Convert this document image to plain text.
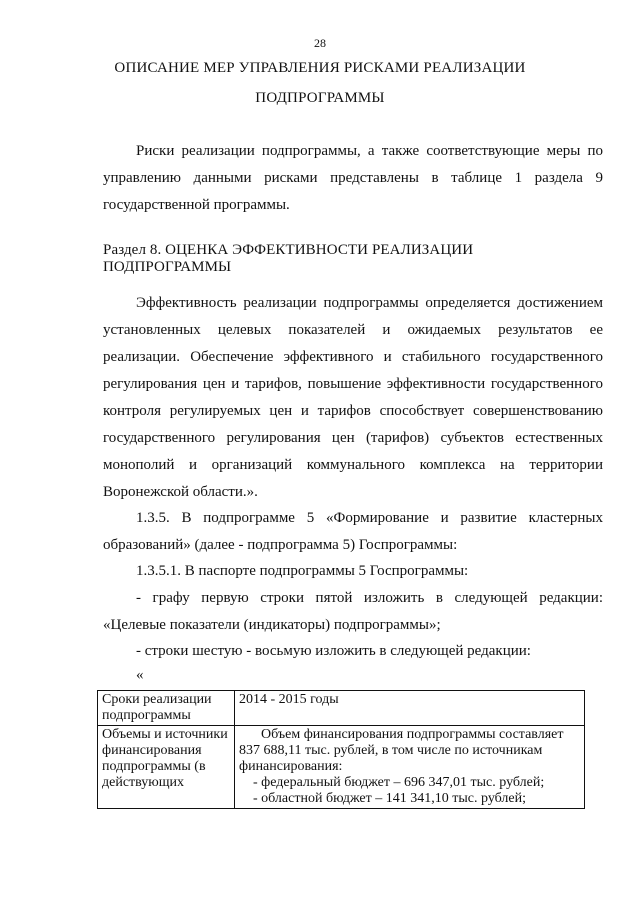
28
ОПИСАНИЕ МЕР УПРАВЛЕНИЯ РИСКАМИ РЕАЛИЗАЦИИ
ПОДПРОГРАММЫ

Риски реализации подпрограммы, а также соответствующие меры по управлению данными рисками представлены в таблице 1 раздела 9 государственной программы.

Раздел 8. ОЦЕНКА ЭФФЕКТИВНОСТИ РЕАЛИЗАЦИИ ПОДПРОГРАММЫ

Эффективность реализации подпрограммы определяется достижением установленных целевых показателей и ожидаемых результатов ее реализации. Обеспечение эффективного и стабильного государственного регулирования цен и тарифов, повышение эффективности государственного контроля регулируемых цен и тарифов способствует совершенствованию государственного регулирования цен (тарифов) субъектов естественных монополий и организаций коммунального комплекса на территории Воронежской области.».

1.3.5. В подпрограмме 5 «Формирование и развитие кластерных образований» (далее - подпрограмма 5) Госпрограммы:

1.3.5.1. В паспорте подпрограммы 5 Госпрограммы:

- графу первую строки пятой изложить в следующей редакции: «Целевые показатели (индикаторы) подпрограммы»;

- строки шестую - восьмую изложить в следующей редакции:

«
Сроки реализации подпрограммы	2014 - 2015 годы
Объемы и источники финансирования подпрограммы (в действующих	Объем финансирования подпрограммы составляет 837 688,11 тыс. рублей, в том числе по источникам финансирования:
- федеральный бюджет – 696 347,01 тыс. рублей;
- областной бюджет – 141 341,10 тыс. рублей;
